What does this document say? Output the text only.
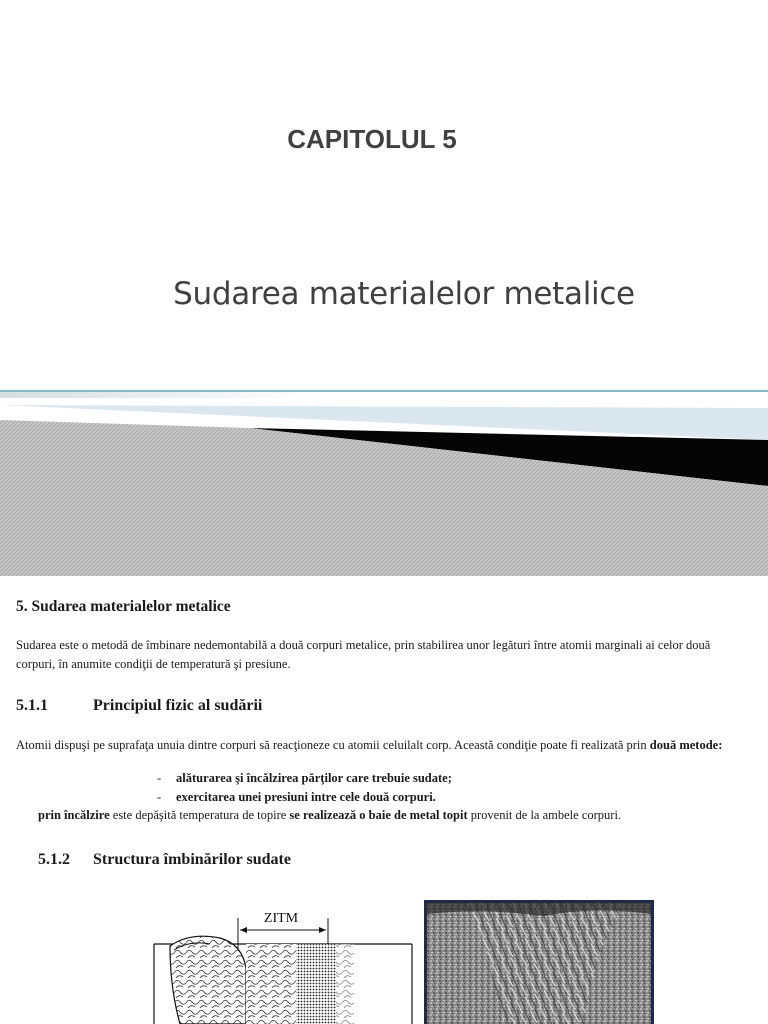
CAPITOLUL 5
Sudarea materialelor metalice
5. Sudarea materialelor metalice
Sudarea este o metodă de îmbinare nedemontabilă a două corpuri metalice, prin stabilirea unor legături între atomii marginali ai celor două corpuri, în anumite condiţii de temperatură şi presiune.
5.1.1	Principiul fizic al sudării
Atomii dispuşi pe suprafaţa unuia dintre corpuri să reacţioneze cu atomii celuilalt corp. Această condiţie poate fi realizată prin două metode:
- alăturarea şi încălzirea părţilor care trebuie sudate;
- exercitarea unei presiuni intre cele două corpuri.
prin încălzire este depăşită temperatura de topire se realizează o baie de metal topit provenit de la ambele corpuri.
5.1.2 Structura îmbinărilor sudate
ZITM
